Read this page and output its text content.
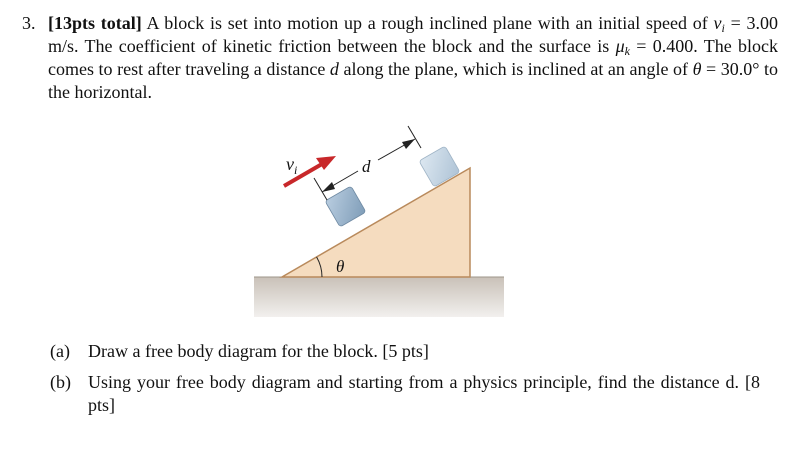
3. [13pts total] A block is set into motion up a rough inclined plane with an initial speed of $v_i = 3.00$ m/s. The coefficient of kinetic friction between the block and the surface is $\mu_k = 0.400$. The block comes to rest after traveling a distance d along the plane, which is inclined at an angle of θ = 30.0° to the horizontal.
θ
$v_i$	d
(a)	Draw a free body diagram for the block. [5 pts]
(b) Using your free body diagram and starting from a physics principle, find the distance d. [8 pts]
